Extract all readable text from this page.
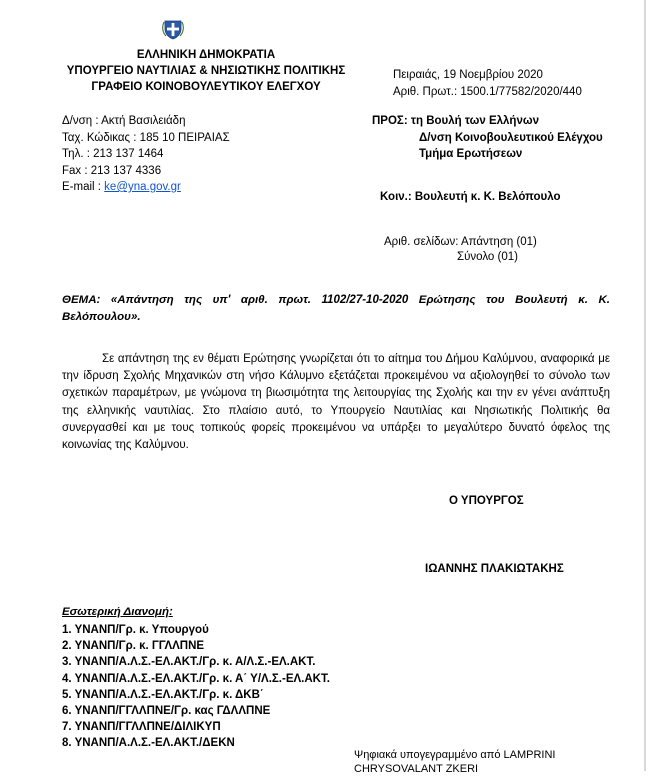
ΕΛΛΗΝΙΚΗ ΔΗΜΟΚΡΑΤΙΑ
ΥΠΟΥΡΓΕΙΟ ΝΑΥΤΙΛΙΑΣ & ΝΗΣΙΩΤΙΚΗΣ ΠΟΛΙΤΙΚΗΣ
ΓΡΑΦΕΙΟ ΚΟΙΝΟΒΟΥΛΕΥΤΙΚΟΥ ΕΛΕΓΧΟΥ
Πειραιάς, 19 Νοεμβρίου 2020
Αριθ. Πρωτ.: 1500.1/77582/2020/440
Δ/νση : Ακτή Βασιλειάδη
Ταχ. Κώδικας : 185 10 ΠΕΙΡΑΙΑΣ
Τηλ. : 213 137 1464
Fax : 213 137 4336
E-mail : ke@yna.gov.gr
ΠΡΟΣ: τη Βουλή των Ελλήνων
Δ/νση Κοινοβουλευτικού Ελέγχου
Τμήμα Ερωτήσεων
Κοιν.: Βουλευτή κ. Κ. Βελόπουλο
Αριθ. σελίδων: Απάντηση (01)
Σύνολο (01)
ΘΕΜΑ: «Απάντηση της υπ' αριθ. πρωτ. 1102/27-10-2020 Ερώτησης του Βουλευτή κ. Κ. Βελόπουλου».
Σε απάντηση της εν θέματι Ερώτησης γνωρίζεται ότι το αίτημα του Δήμου Καλύμνου, αναφορικά με την ίδρυση Σχολής Μηχανικών στη νήσο Κάλυμνο εξετάζεται προκειμένου να αξιολογηθεί το σύνολο των σχετικών παραμέτρων, με γνώμονα τη βιωσιμότητα της λειτουργίας της Σχολής και την εν γένει ανάπτυξη της ελληνικής ναυτιλίας. Στο πλαίσιο αυτό, το Υπουργείο Ναυτιλίας και Νησιωτικής Πολιτικής θα συνεργασθεί και με τους τοπικούς φορείς προκειμένου να υπάρξει το μεγαλύτερο δυνατό όφελος της κοινωνίας της Καλύμνου.
Ο ΥΠΟΥΡΓΟΣ
ΙΩΑΝΝΗΣ ΠΛΑΚΙΩΤΑΚΗΣ
Εσωτερική Διανομή:
1. ΥΝΑΝΠ/Γρ. κ. Υπουργού
2. ΥΝΑΝΠ/Γρ. κ. ΓΓΛΛΠΝΕ
3. ΥΝΑΝΠ/Α.Λ.Σ.-ΕΛ.ΑΚΤ./Γρ. κ. Α/Λ.Σ.-ΕΛ.ΑΚΤ.
4. ΥΝΑΝΠ/Α.Λ.Σ.-ΕΛ.ΑΚΤ./Γρ. κ. Α΄ Υ/Λ.Σ.-ΕΛ.ΑΚΤ.
5. ΥΝΑΝΠ/Α.Λ.Σ.-ΕΛ.ΑΚΤ./Γρ. κ. ΔΚΒ΄
6. ΥΝΑΝΠ/ΓΓΛΛΠΝΕ/Γρ. κας ΓΔΛΛΠΝΕ
7. ΥΝΑΝΠ/ΓΓΛΛΠΝΕ/ΔΙΛΙΚΥΠ
8. ΥΝΑΝΠ/Α.Λ.Σ.-ΕΛ.ΑΚΤ./ΔΕΚΝ
Ψηφιακά υπογεγραμμένο από LAMPRINI
CHRYSOVALANT ZKERI
